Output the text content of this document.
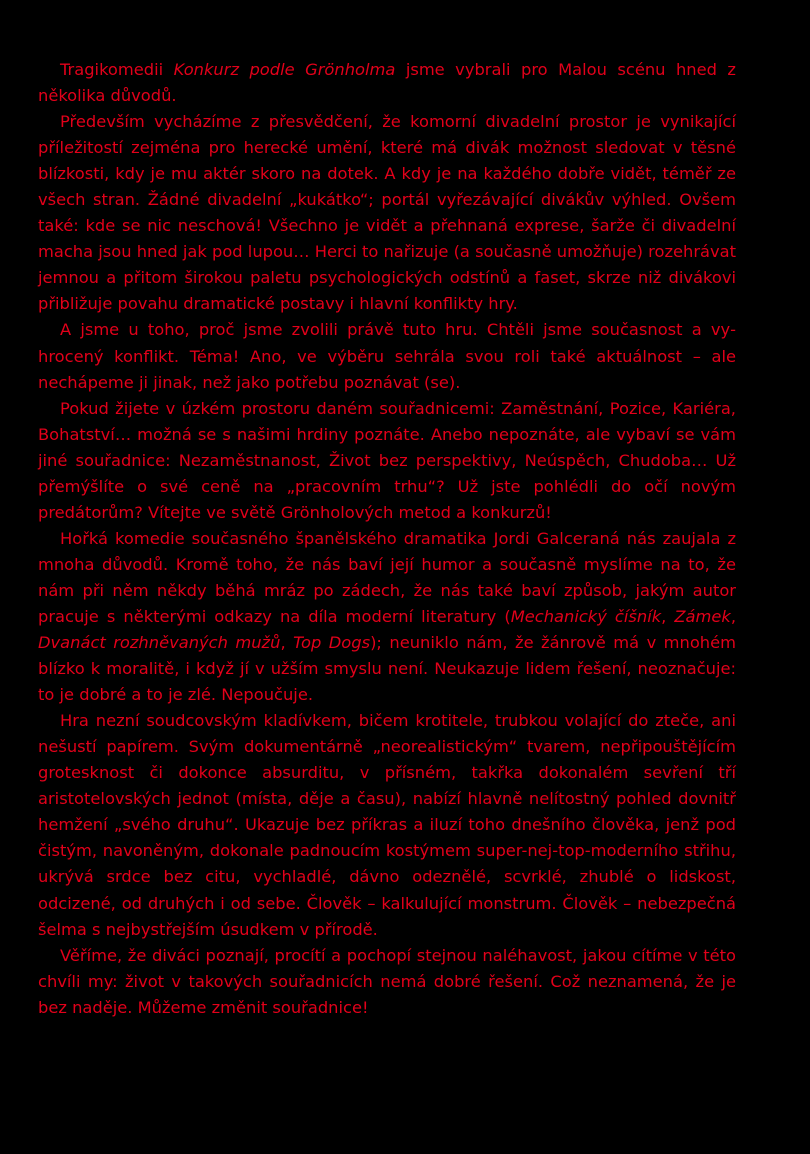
Tragikomedii Konkurz podle Grönholma jsme vybrali pro Malou scénu hned z několika důvodů.

Především vycházíme z přesvědčení, že komorní divadelní prostor je vynikající příležitostí zejména pro herecké umění, které má divák možnost sledovat v těsné blízkosti, kdy je mu aktér skoro na dotek. A kdy je na každého dobře vidět, téměř ze všech stran. Žádné divadelní „kukátko“; portál vyřezávající divákův výhled. Ovšem také: kde se nic neschová! Všechno je vidět a přehnaná exprese, šarže či divadelní macha jsou hned jak pod lupou… Herci to nařizuje (a současně umožňuje) rozehrávat jemnou a přitom širokou paletu psychologických odstínů a faset, skrze niž divákovi přibližuje povahu dramatické postavy i hlavní konflikty hry.

A jsme u toho, proč jsme zvolili právě tuto hru. Chtěli jsme současnost a vyhrocený konflikt. Téma! Ano, ve výběru sehrála svou roli také aktuálnost – ale nechápeme ji jinak, než jako potřebu poznávat (se).

Pokud žijete v úzkém prostoru daném souřadnicemi: Zaměstnání, Pozice, Kariéra, Bohatství… možná se s našimi hrdiny poznáte. Anebo nepoznáte, ale vybaví se vám jiné souřadnice: Nezaměstnanost, Život bez perspektivy, Neúspěch, Chudoba… Už přemýšlíte o své ceně na „pracovním trhu“? Už jste pohlédli do očí novým predátorům? Vítejte ve světě Grönholových metod a konkurzů!

Hořká komedie současného španělského dramatika Jordi Galceraná nás zaujala z mnoha důvodů. Kromě toho, že nás baví její humor a současně myslíme na to, že nám při něm někdy běhá mráz po zádech, že nás také baví způsob, jakým autor pracuje s některými odkazy na díla moderní literatury (Mechanický číšník, Zámek, Dvanáct rozhněvaných mužů, Top Dogs); neuniklo nám, že žánrově má v mnohém blízko k moralitě, i když jí v užším smyslu není. Neukazuje lidem řešení, neoznačuje: to je dobré a to je zlé. Nepoučuje.

Hra nezní soudcovským kladívkem, bičem krotitele, trubkou volající do zteče, ani nešustí papírem. Svým dokumentárně „neorealistickým“ tvarem, nepřipouštějícím grotesknost či dokonce absurditu, v přísném, takřka dokonalém sevření tří aristotelovských jednot (místa, děje a času), nabízí hlavně nelítostný pohled dovnitř hemžení „svého druhu“. Ukazuje bez příkras a iluzí toho dnešního člověka, jenž pod čistým, navoněným, dokonale padnoucím kostýmem super-nej-top-moderního střihu, ukrývá srdce bez citu, vychladlé, dávno odeznělé, scvrklé, zhublé o lidskost, odcizené, od druhých i od sebe. Člověk – kalkulující monstrum. Člověk – nebezpečná šelma s nejbystřejším úsudkem v přírodě.

Věříme, že diváci poznají, procítí a pochopí stejnou naléhavost, jakou cítíme v této chvíli my: život v takových souřadnicích nemá dobré řešení. Což neznamená, že je bez naděje. Můžeme změnit souřadnice!
